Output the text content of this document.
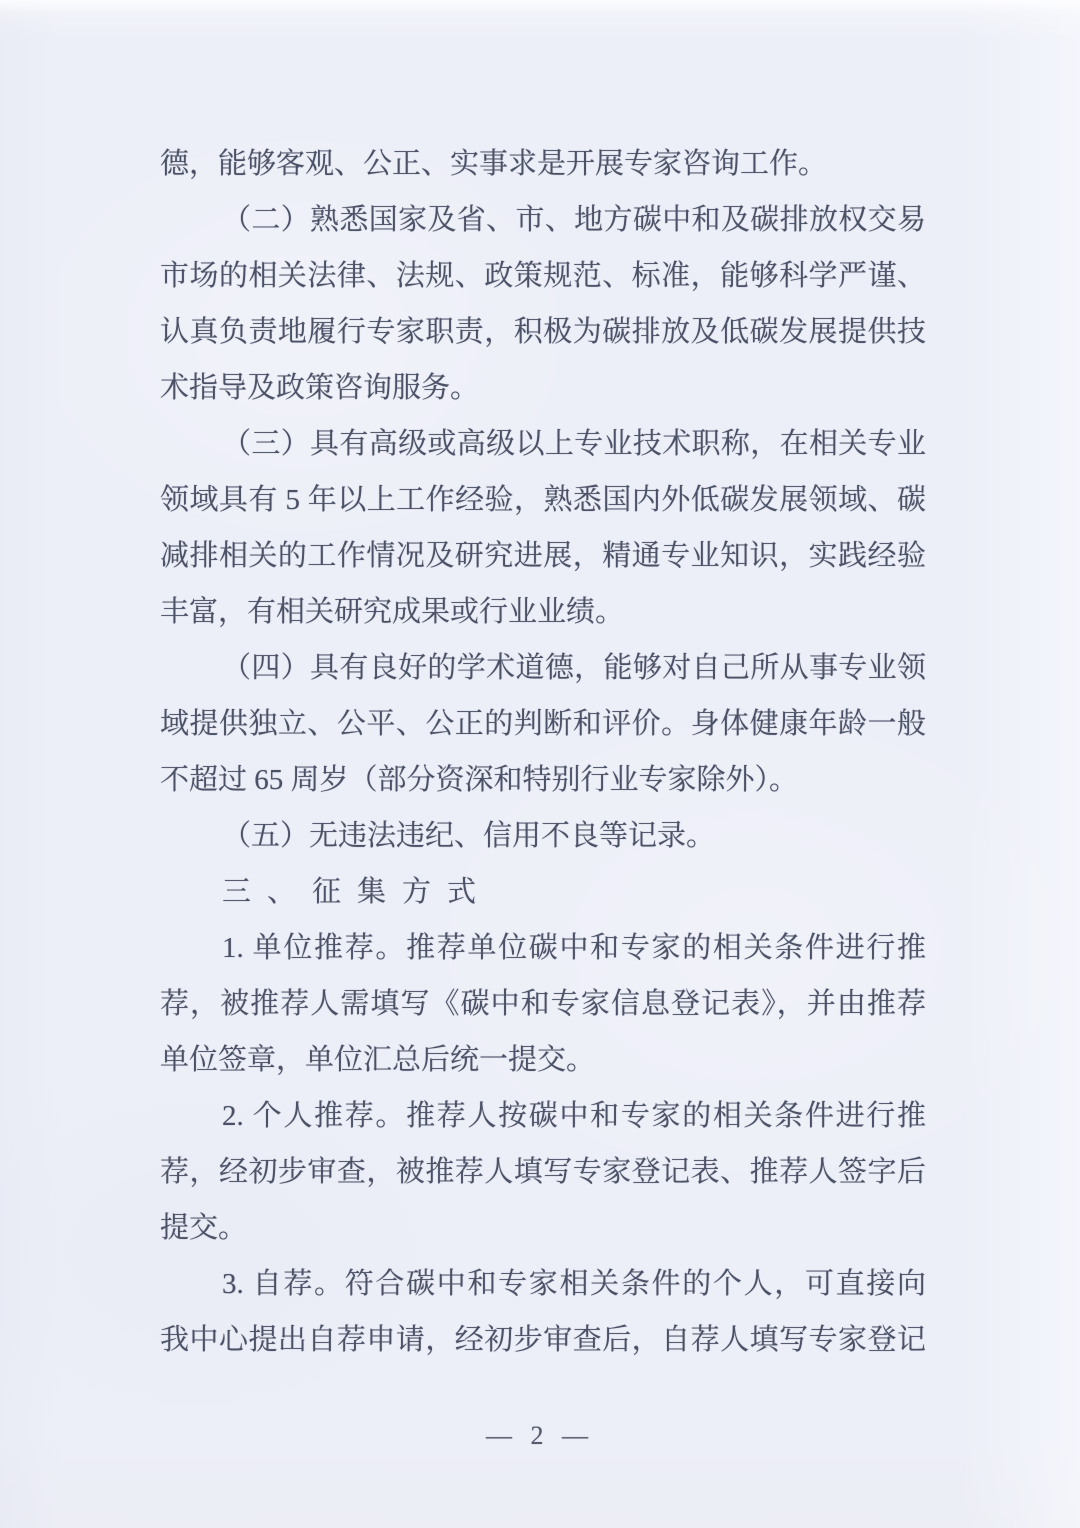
德，能够客观、公正、实事求是开展专家咨询工作。
（二）熟悉国家及省、市、地方碳中和及碳排放权交易
市场的相关法律、法规、政策规范、标准，能够科学严谨、
认真负责地履行专家职责，积极为碳排放及低碳发展提供技
术指导及政策咨询服务。
（三）具有高级或高级以上专业技术职称，在相关专业
领域具有 5 年以上工作经验，熟悉国内外低碳发展领域、碳
减排相关的工作情况及研究进展，精通专业知识，实践经验
丰富，有相关研究成果或行业业绩。
（四）具有良好的学术道德，能够对自己所从事专业领
域提供独立、公平、公正的判断和评价。身体健康年龄一般
不超过 65 周岁（部分资深和特别行业专家除外）。
（五）无违法违纪、信用不良等记录。
三、征集方式
1. 单位推荐。推荐单位碳中和专家的相关条件进行推
荐，被推荐人需填写《碳中和专家信息登记表》，并由推荐
单位签章，单位汇总后统一提交。
2. 个人推荐。推荐人按碳中和专家的相关条件进行推
荐，经初步审查，被推荐人填写专家登记表、推荐人签字后
提交。
3. 自荐。符合碳中和专家相关条件的个人，可直接向
我中心提出自荐申请，经初步审查后，自荐人填写专家登记
— 2 —
